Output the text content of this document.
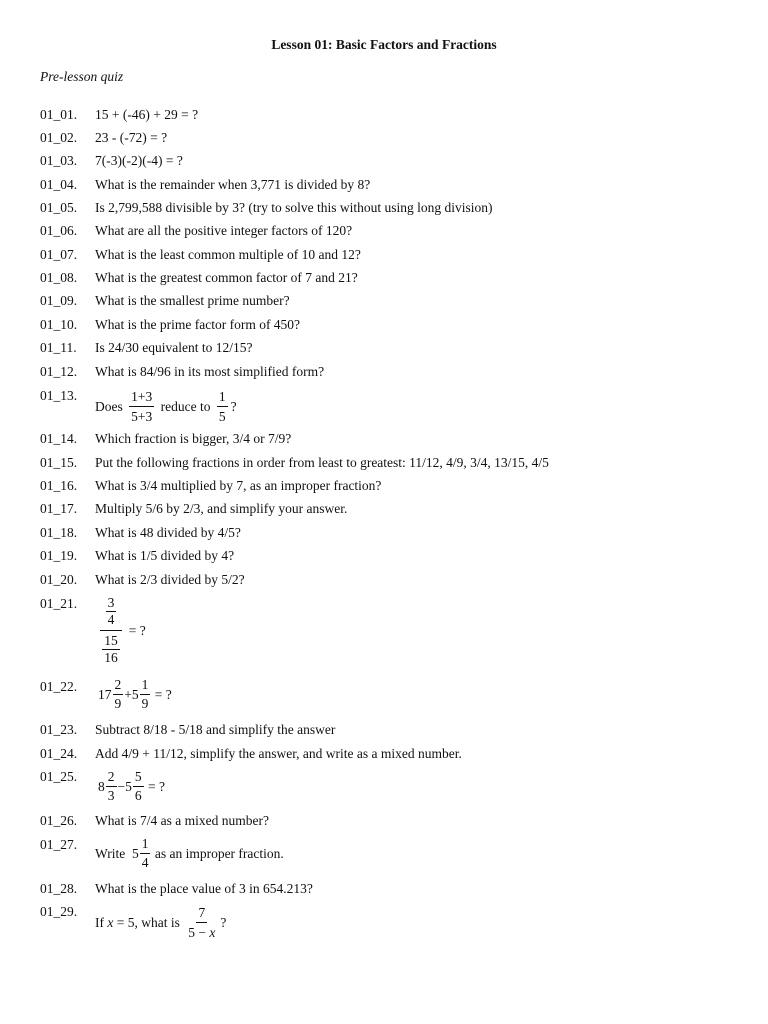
Lesson 01: Basic Factors and Fractions
Pre-lesson quiz
01_01. 15 + (-46) + 29 = ?
01_02. 23 - (-72) = ?
01_03. 7(-3)(-2)(-4) = ?
01_04. What is the remainder when 3,771 is divided by 8?
01_05. Is 2,799,588 divisible by 3? (try to solve this without using long division)
01_06. What are all the positive integer factors of 120?
01_07. What is the least common multiple of 10 and 12?
01_08. What is the greatest common factor of 7 and 21?
01_09. What is the smallest prime number?
01_10. What is the prime factor form of 450?
01_11. Is 24/30 equivalent to 12/15?
01_12. What is 84/96 in its most simplified form?
01_13.
Does
$\frac{1+3}{5+3}$
reduce to
$\frac{1}{5}$ ?
01_14. Which fraction is bigger, 3/4 or 7/9?
01_15. Put the following fractions in order from least to greatest: 11/12, 4/9, 3/4, 13/15, 4/5
01_16. What is 3/4 multiplied by 7, as an improper fraction?
01_17. Multiply 5/6 by 2/3, and simplify your answer.
01_18. What is 48 divided by 4/5?
01_19. What is 1/5 divided by 4?
01_20. What is 2/3 divided by 5/2?
01_21. $\frac{3}{4}$
$\frac{15}{16}$

= ?
01_22. $17 \frac{2}{9} + 5 \frac{1}{9}$
= ?
01_23. Subtract 8/18 - 5/18 and simplify the answer
01_24. Add 4/9 + 11/12, simplify the answer, and write as a mixed number.
01_25.
$8 \frac{2}{3} - 5 \frac{5}{6}$
= ?
01_26. What is 7/4 as a mixed number?
01_27.
Write
$5 \frac{1}{4}$
as an improper fraction.
01_28. What is the place value of 3 in 654.213?
01_29.
If
x
= 5, what is
$\frac{7}{5 - x}$ ?
